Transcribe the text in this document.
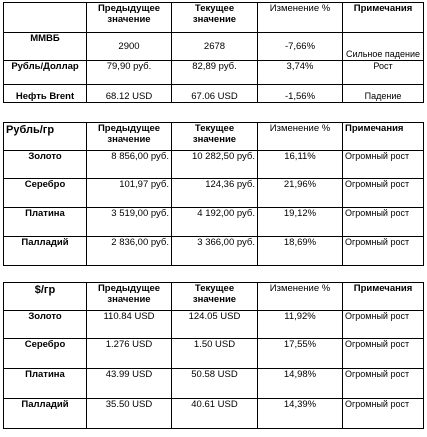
	Предыдущее значение	Текущее значение	Изменение %	Примечания
ММВБ	2900	2678	-7,66%	Сильное падение
Рубль/Доллар	79,90 руб.	82,89 руб.	3,74%	Рост
Нефть Brent	68.12 USD	67.06 USD	-1,56%	Падение
Рубль/гр	Предыдущее значение	Текущее значение	Изменение %	Примечания
Золото	8 856,00 руб.	10 282,50 руб.	16,11%	Огромный рост
Серебро	101,97 руб.	124,36 руб.	21,96%	Огромный рост
Платина	3 519,00 руб.	4 192,00 руб.	19,12%	Огромный рост
Палладий	2 836,00 руб.	3 366,00 руб.	18,69%	Огромный рост

$/гр	Предыдущее значение	Текущее значение	Изменение %	Примечания
Золото	110.84 USD	124.05 USD	11,92%	Огромный рост
Серебро	1.276 USD	1.50 USD	17,55%	Огромный рост
Платина	43.99 USD	50.58 USD	14,98%	Огромный рост
Палладий	35.50 USD	40.61 USD	14,39%	Огромный рост
